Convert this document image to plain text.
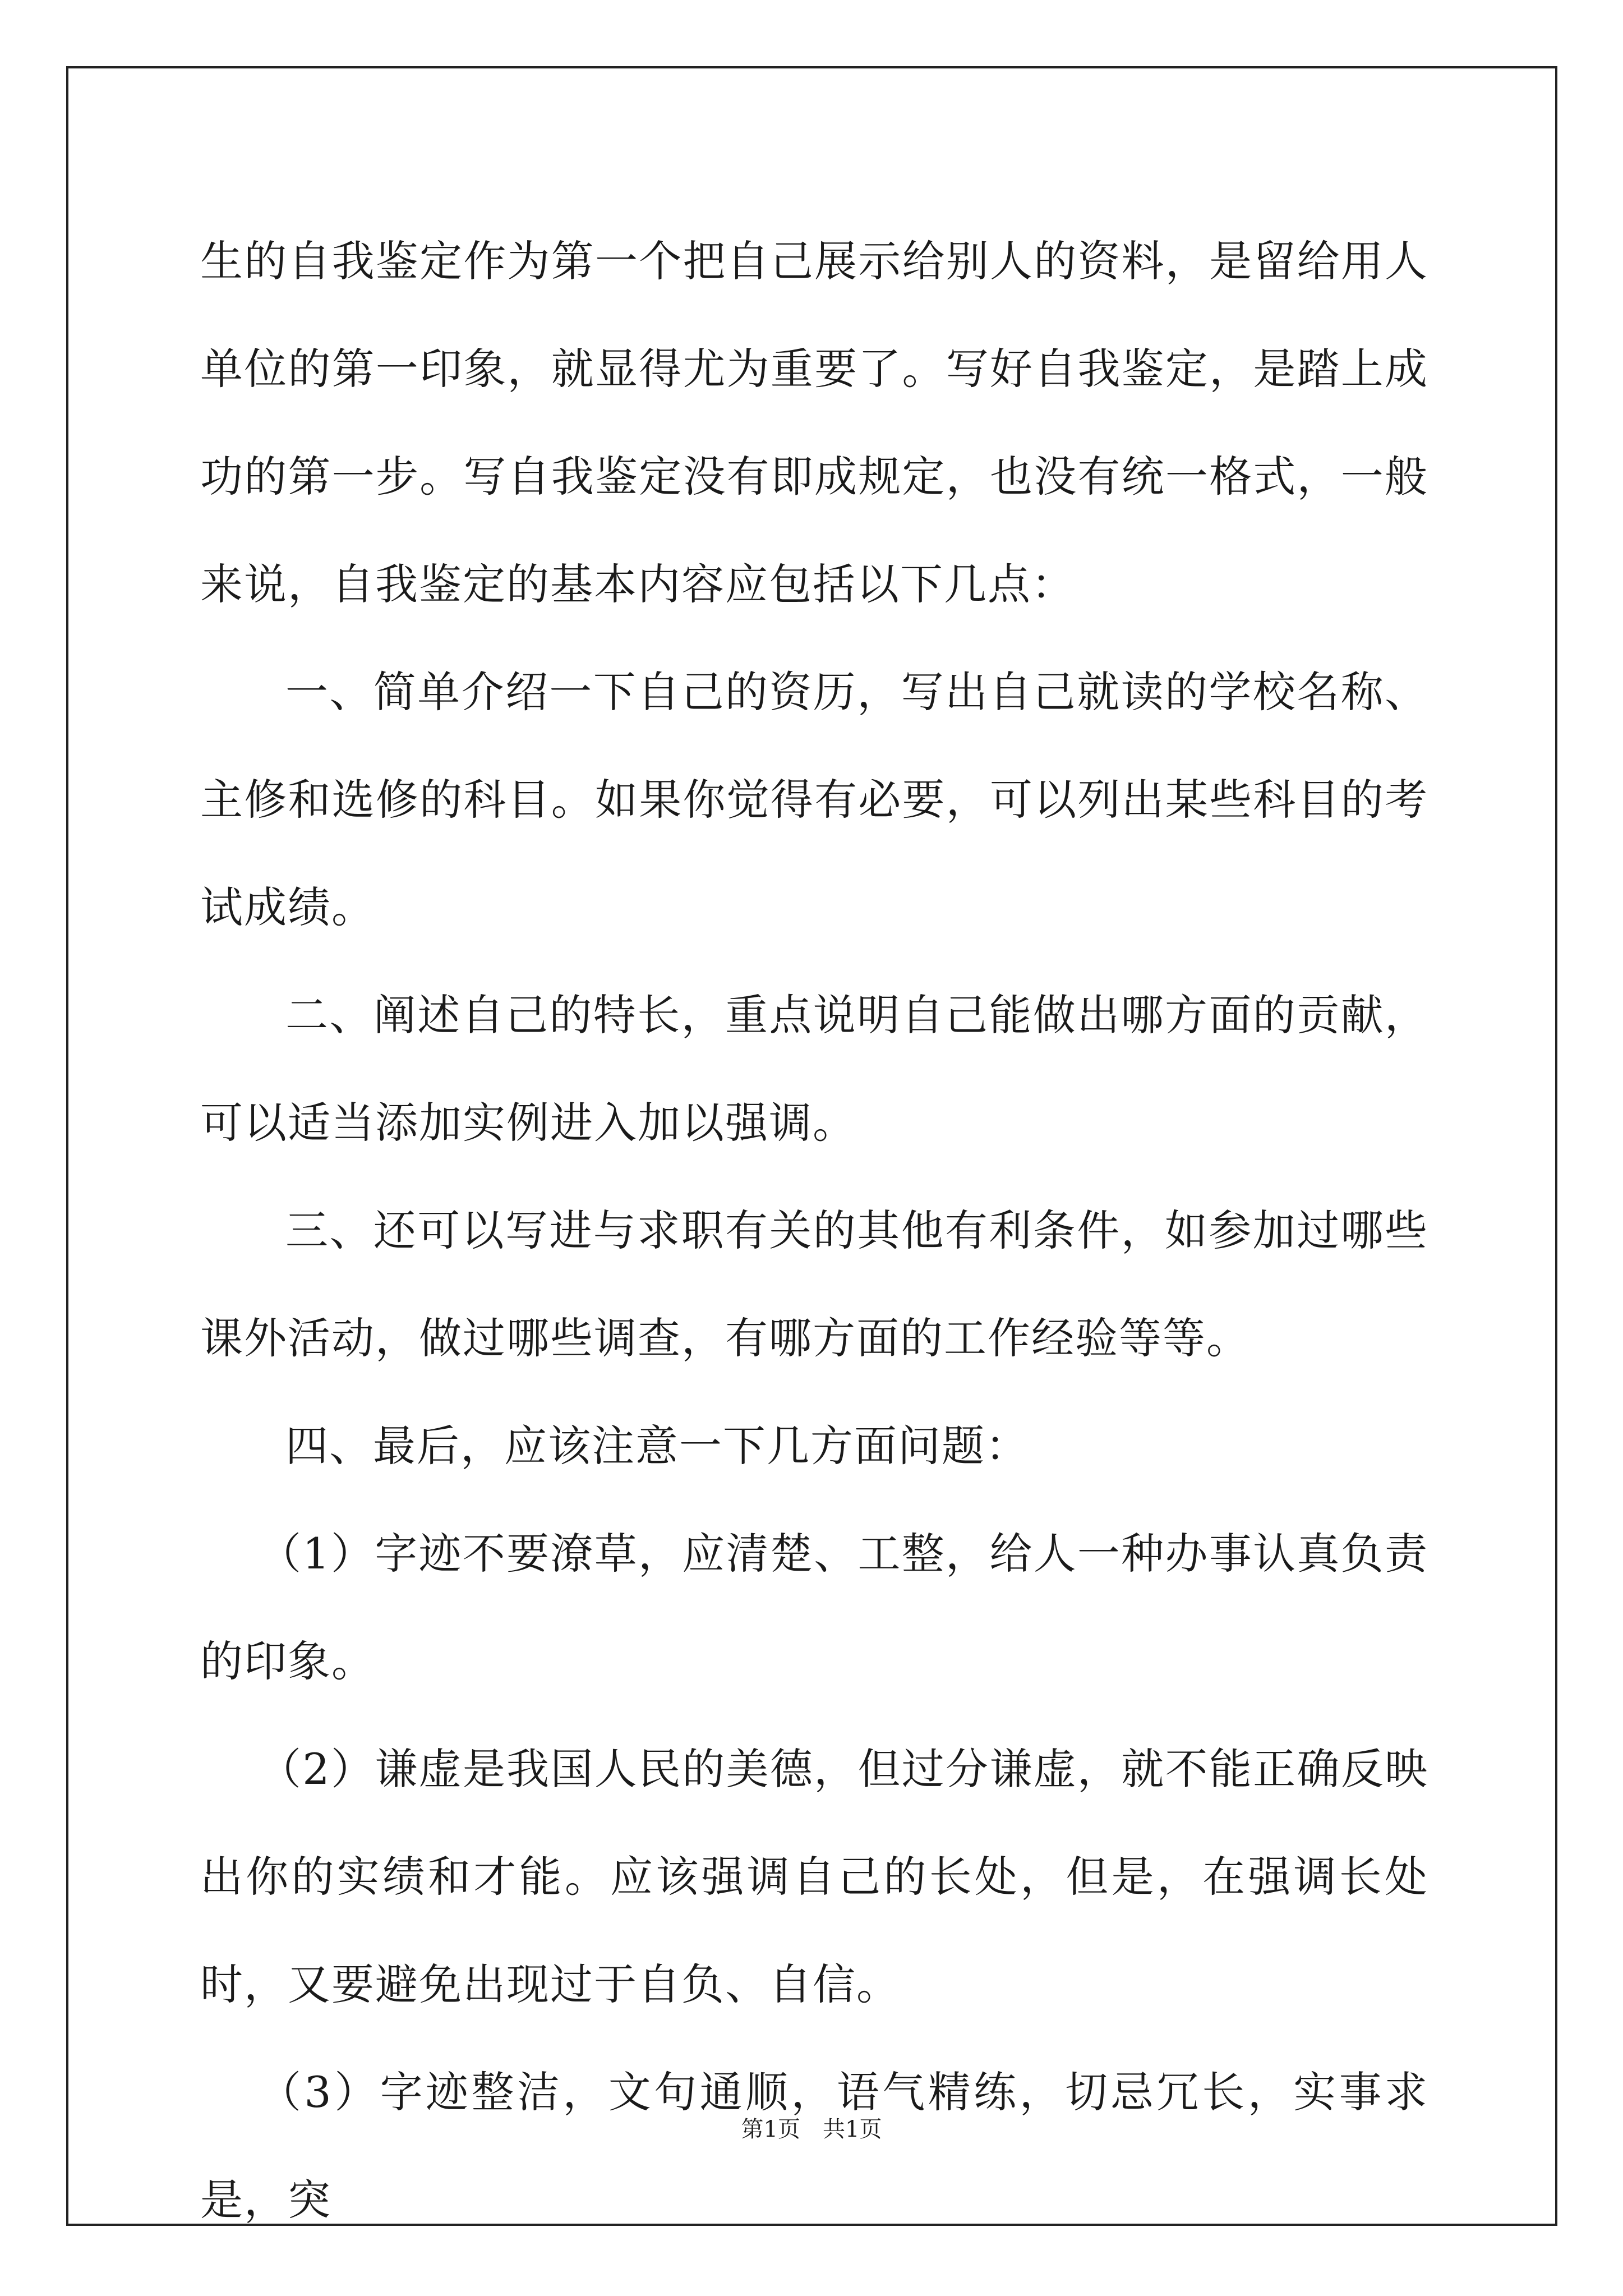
生的自我鉴定作为第一个把自己展示给别人的资料，是留给用人单位的第一印象，就显得尤为重要了。写好自我鉴定，是踏上成功的第一步。写自我鉴定没有即成规定，也没有统一格式，一般来说，自我鉴定的基本内容应包括以下几点：

一、简单介绍一下自己的资历，写出自己就读的学校名称、主修和选修的科目。如果你觉得有必要，可以列出某些科目的考试成绩。

二、阐述自己的特长，重点说明自己能做出哪方面的贡献，可以适当添加实例进入加以强调。

三、还可以写进与求职有关的其他有利条件，如参加过哪些课外活动，做过哪些调查，有哪方面的工作经验等等。

四、最后，应该注意一下几方面问题：

（1）字迹不要潦草，应清楚、工整，给人一种办事认真负责的印象。

（2）谦虚是我国人民的美德，但过分谦虚，就不能正确反映出你的实绩和才能。应该强调自己的长处，但是，在强调长处时，又要避免出现过于自负、自信。

（3）字迹整洁，文句通顺，语气精练，切忌冗长，实事求是，突

第1页　共1页
